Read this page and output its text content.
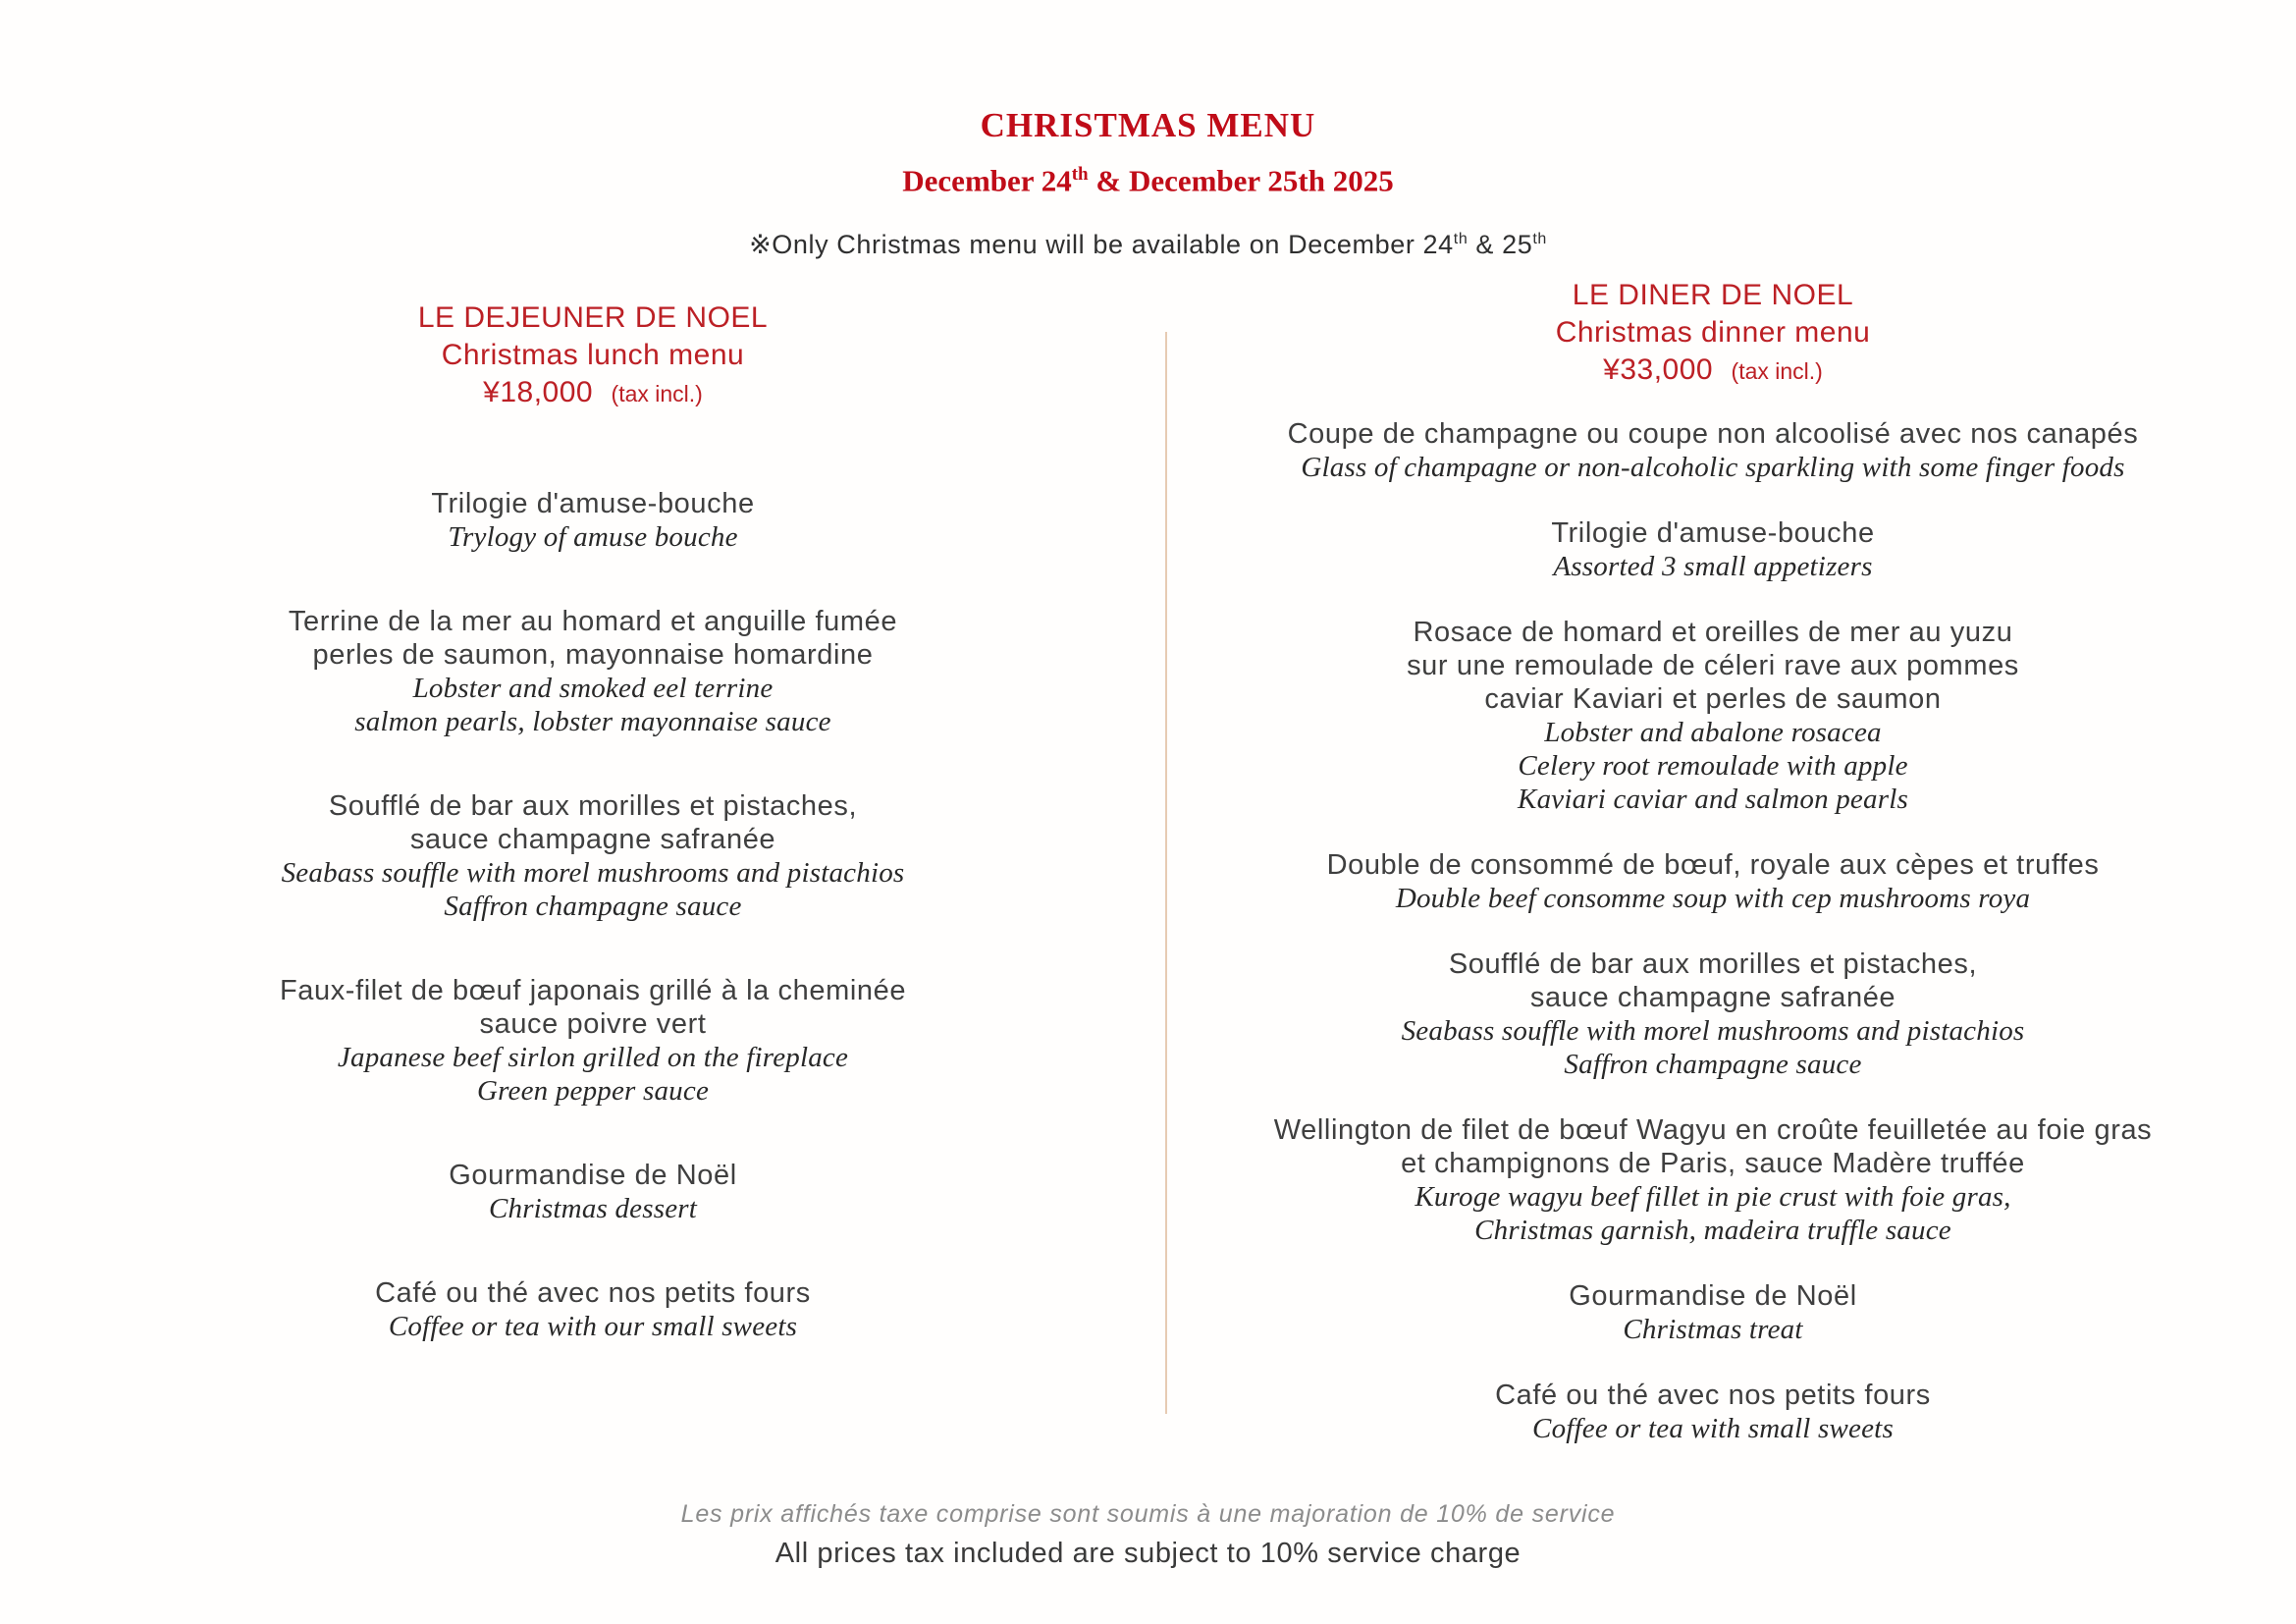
CHRISTMAS MENU
December 24th & December 25th 2025
※Only Christmas menu will be available on December 24th & 25th
LE DEJEUNER DE NOEL
Christmas lunch menu
¥18,000 (tax incl.)
Trilogie d'amuse-bouche
Trylogy of amuse bouche
Terrine de la mer au homard et anguille fumée
perles de saumon, mayonnaise homardine
Lobster and smoked eel terrine
salmon pearls, lobster mayonnaise sauce
Soufflé de bar aux morilles et pistaches,
sauce champagne safranée
Seabass souffle with morel mushrooms and pistachios
Saffron champagne sauce
Faux-filet de bœuf japonais grillé à la cheminée
sauce poivre vert
Japanese beef sirlon grilled on the fireplace
Green pepper sauce
Gourmandise de Noël
Christmas dessert
Café ou thé avec nos petits fours
Coffee or tea with our small sweets
LE DINER DE NOEL
Christmas dinner menu
¥33,000 (tax incl.)
Coupe de champagne ou coupe non alcoolisé avec nos canapés
Glass of champagne or non-alcoholic sparkling with some finger foods
Trilogie d'amuse-bouche
Assorted 3 small appetizers
Rosace de homard et oreilles de mer au yuzu
sur une remoulade de céleri rave aux pommes
caviar Kaviari et perles de saumon
Lobster and abalone rosacea
Celery root remoulade with apple
Kaviari caviar and salmon pearls
Double de consommé de bœuf, royale aux cèpes et truffes
Double beef consomme soup with cep mushrooms roya
Soufflé de bar aux morilles et pistaches,
sauce champagne safranée
Seabass souffle with morel mushrooms and pistachios
Saffron champagne sauce
Wellington de filet de bœuf Wagyu en croûte feuilletée au foie gras
et champignons de Paris, sauce Madère truffée
Kuroge wagyu beef fillet in pie crust with foie gras,
Christmas garnish, madeira truffle sauce
Gourmandise de Noël
Christmas treat
Café ou thé avec nos petits fours
Coffee or tea with small sweets
Les prix affichés taxe comprise sont soumis à une majoration de 10% de service
All prices tax included are subject to 10% service charge
